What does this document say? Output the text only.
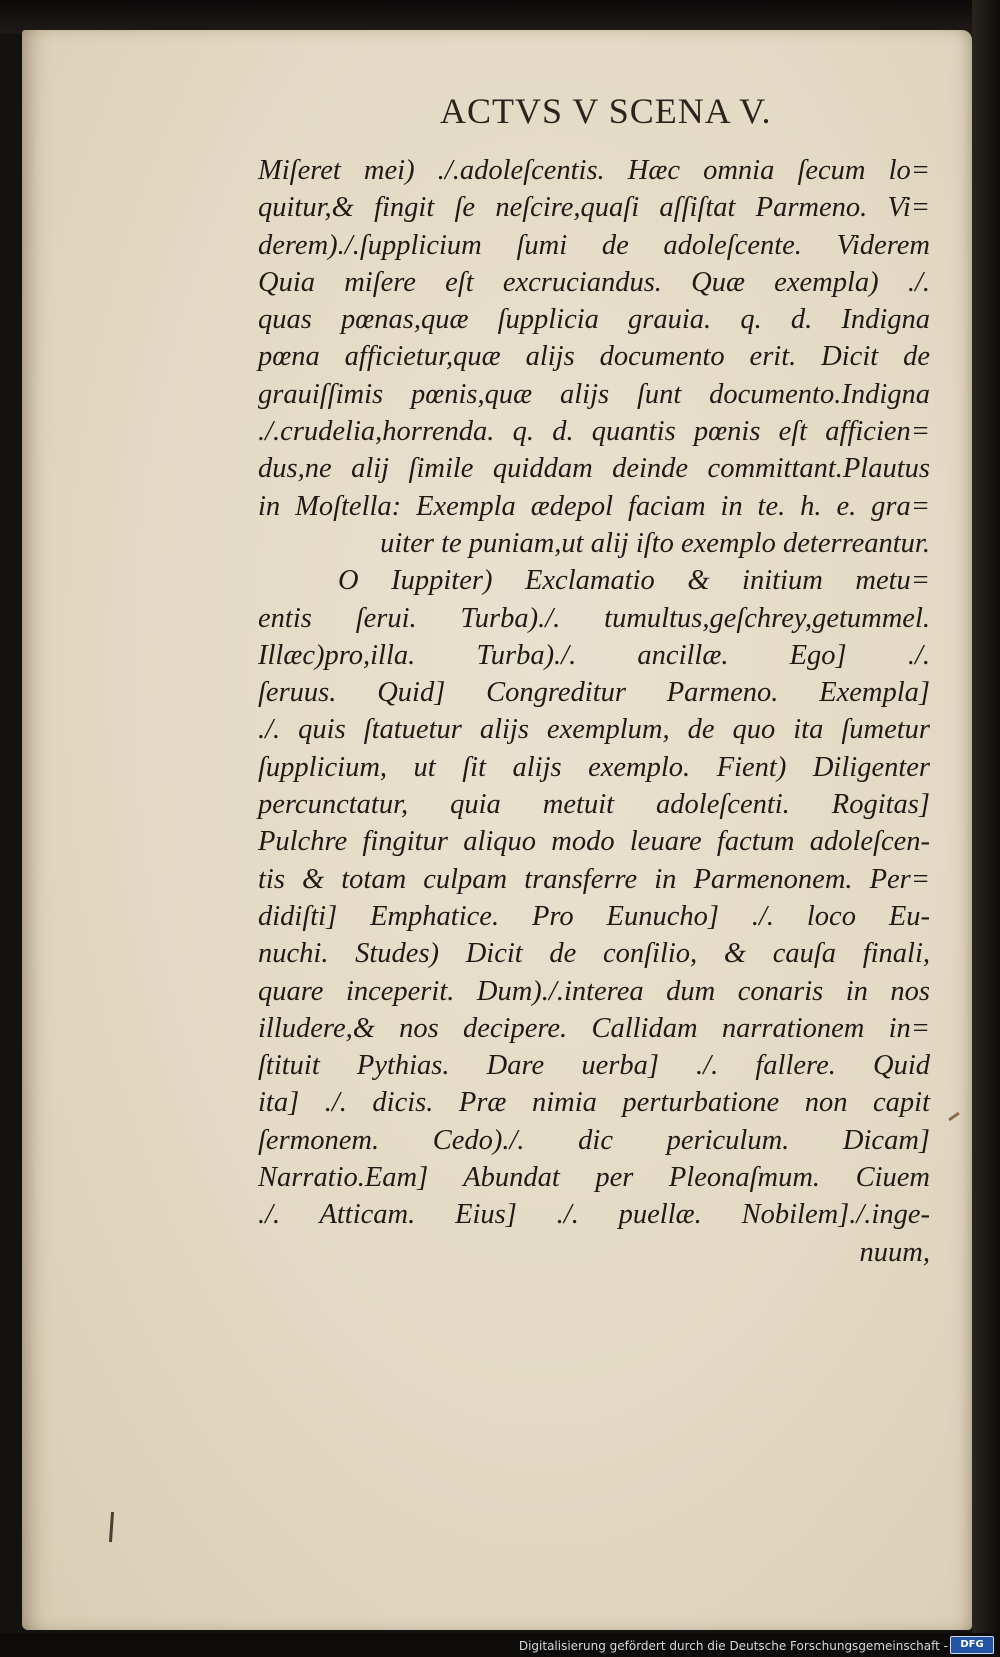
ACTVS V SCENA V.
Miſeret mei) ./.adoleſcentis. Hæc omnia ſecum lo=
quitur,& fingit ſe neſcire,quaſi aſſiſtat Parmeno. Vi=
derem)./.ſupplicium ſumi de adoleſcente. Viderem
Quia miſere eſt excruciandus. Quæ exempla) ./.
quas pœnas,quæ ſupplicia grauia. q. d. Indigna
pœna afficietur,quæ alijs documento erit. Dicit de
grauiſſimis pœnis,quæ alijs ſunt documento.Indigna
./.crudelia,horrenda. q. d. quantis pœnis eſt afficien=
dus,ne alij ſimile quiddam deinde committant.Plautus
in Moſtella: Exempla ædepol faciam in te. h. e. gra=
uiter te puniam,ut alij iſto exemplo deterreantur.
O Iuppiter) Exclamatio & initium metu=
entis ſerui. Turba)./. tumultus,geſchrey,getummel.
Illæc)pro,illa. Turba)./. ancillæ. Ego] ./.
ſeruus. Quid] Congreditur Parmeno. Exempla]
./. quis ſtatuetur alijs exemplum, de quo ita ſumetur
ſupplicium, ut ſit alijs exemplo. Fient) Diligenter
percunctatur, quia metuit adoleſcenti. Rogitas]
Pulchre fingitur aliquo modo leuare factum adoleſcen-
tis & totam culpam transferre in Parmenonem. Per=
didiſti] Emphatice. Pro Eunucho] ./. loco Eu-
nuchi. Studes) Dicit de conſilio, & cauſa finali,
quare inceperit. Dum)./.interea dum conaris in nos
illudere,& nos decipere. Callidam narrationem in=
ſtituit Pythias. Dare uerba] ./. fallere. Quid
ita] ./. dicis. Præ nimia perturbatione non capit
ſermonem. Cedo)./. dic periculum. Dicam]
Narratio.Eam] Abundat per Pleonaſmum. Ciuem
./. Atticam. Eius] ./. puellæ. Nobilem]./.inge-
nuum,
Digitalisierung gefördert durch die Deutsche Forschungsgemeinschaft -	DFG
